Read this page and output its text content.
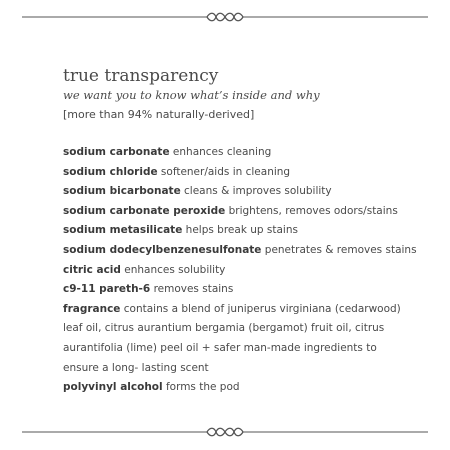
true transparency

we want you to know what’s inside and why

[more than 94% naturally-derived]

sodium carbonate enhances cleaning
sodium chloride softener/aids in cleaning
sodium bicarbonate cleans & improves solubility
sodium carbonate peroxide brightens, removes odors/stains
sodium metasilicate helps break up stains
sodium dodecylbenzenesulfonate penetrates & removes stains
citric acid enhances solubility
c9-11 pareth-6 removes stains
fragrance contains a blend of juniperus virginiana (cedarwood)
leaf oil, citrus aurantium bergamia (bergamot) fruit oil, citrus
aurantifolia (lime) peel oil + safer man-made ingredients to
ensure a long- lasting scent
polyvinyl alcohol forms the pod
